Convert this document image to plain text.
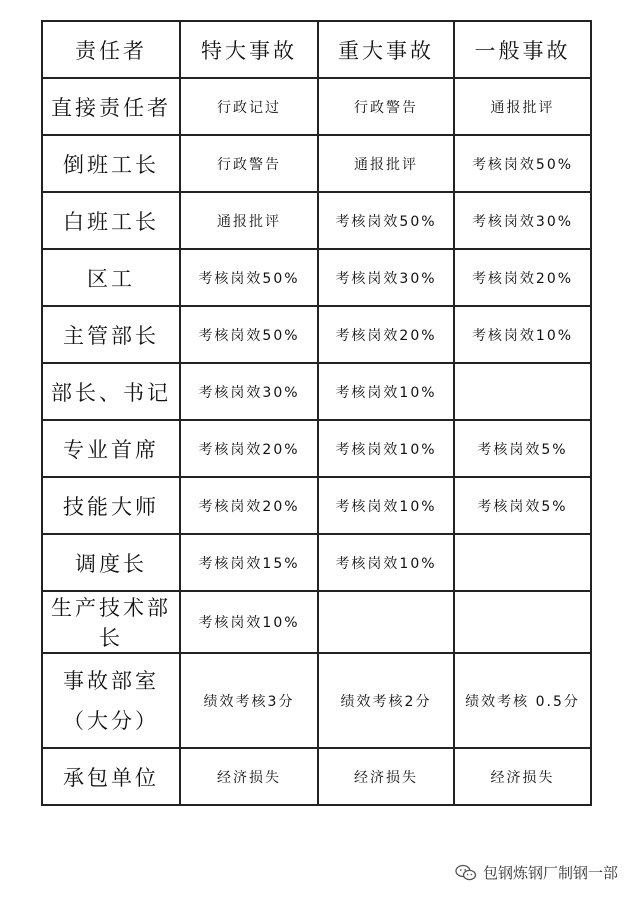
责任者	特大事故	重大事故	一般事故
直接责任者	行政记过	行政警告	通报批评
倒班工长	行政警告	通报批评	考核岗效50%
白班工长	通报批评	考核岗效50%	考核岗效30%
区工	考核岗效50%	考核岗效30%	考核岗效20%
主管部长	考核岗效50%	考核岗效20%	考核岗效10%
部长、书记	考核岗效30%	考核岗效10%	
专业首席	考核岗效20%	考核岗效10%	考核岗效5%
技能大师	考核岗效20%	考核岗效10%	考核岗效5%
调度长	考核岗效15%	考核岗效10%	
生产技术部长	考核岗效10%		
事故部室（大分）	绩效考核3分	绩效考核2分	绩效考核 0.5分
承包单位	经济损失	经济损失	经济损失
包钢炼钢厂制钢一部
